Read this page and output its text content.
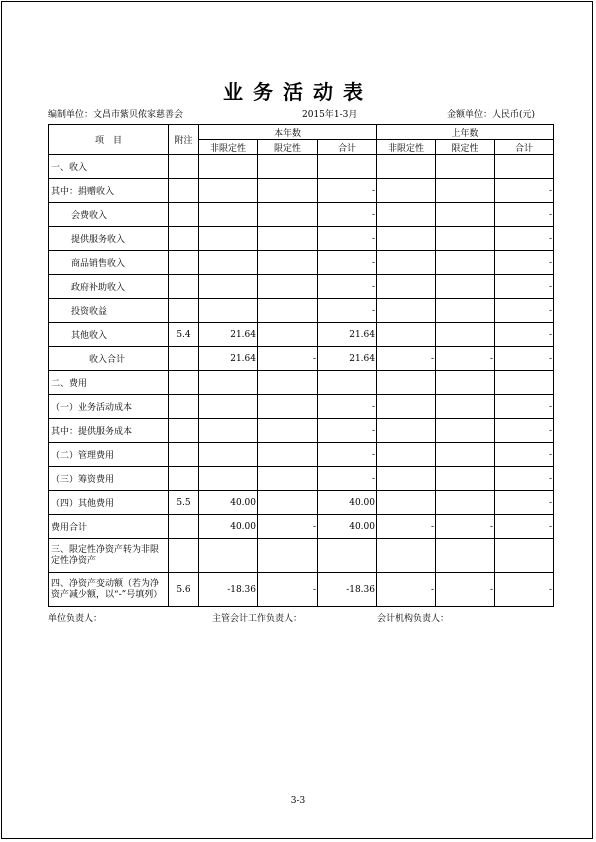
业务活动表
编制单位：文昌市紫贝侬家慈善会	2015年1-3月	金额单位：人民币(元)
项　目	附注	本年数			上年数		
		非限定性	限定性	合计	非限定性	限定性	合计
一、收入							
其中：捐赠收入				-			-
会费收入				-			-
提供服务收入				-			-
商品销售收入				-			-
政府补助收入				-			-
投资收益				-			-
其他收入	5.4	21.64		21.64			-
收入合计		21.64	-	21.64	-	-	-
二、费用							
（一）业务活动成本				-			-
其中：提供服务成本				-			-
（二）管理费用				-			-
（三）筹资费用				-			-
（四）其他费用	5.5	40.00		40.00			-
费用合计		40.00	-	40.00	-	-	-
三、限定性净资产转为非限定性净资产							
四、净资产变动额（若为净资产减少额，以“-”号填列）	5.6	-18.36	-	-18.36	-	-	-
单位负责人：	主管会计工作负责人：	会计机构负责人：
3-3
